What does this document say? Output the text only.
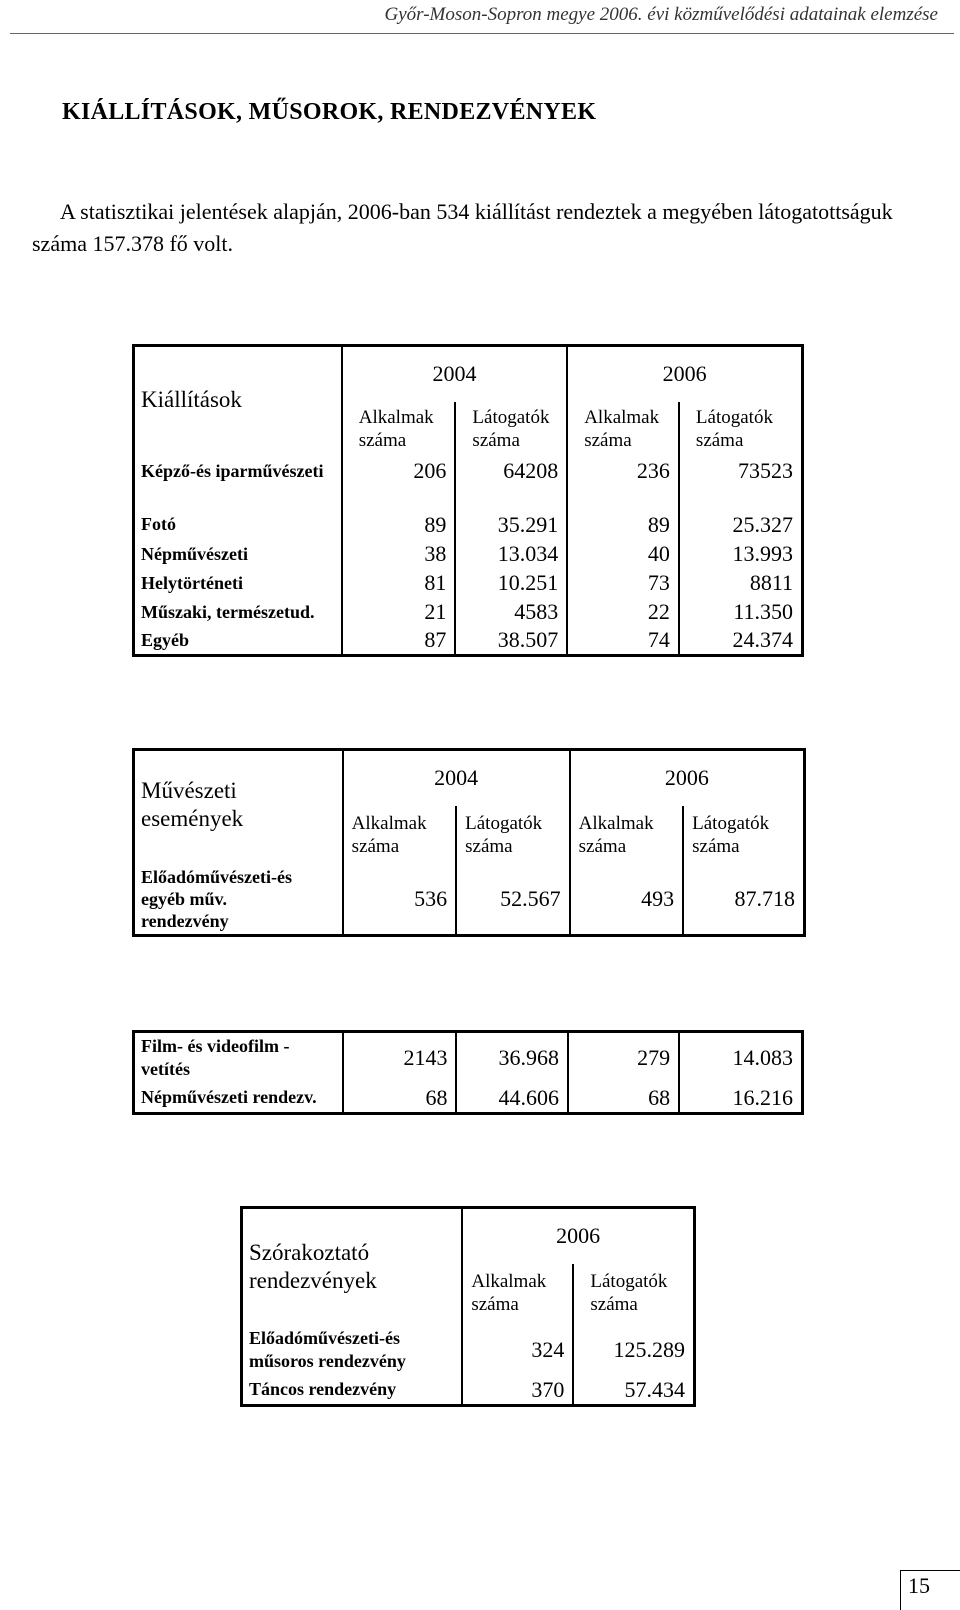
Győr-Moson-Sopron megye 2006. évi közművelődési adatainak elemzése
KIÁLLÍTÁSOK, MŰSOROK, RENDEZVÉNYEK
A statisztikai jelentések alapján, 2006-ban 534 kiállítást rendeztek a megyében látogatottságuk száma 157.378 fő volt.
Kiállítások	2004		2006	
	Alkalmak száma	Látogatók száma	Alkalmak száma	Látogatók száma
Képző-és iparművészeti	206	64208	236	73523
Fotó	89	35.291	89	25.327
Népművészeti	38	13.034	40	13.993
Helytörténeti	81	10.251	73	8811
Műszaki, természetud.	21	4583	22	11.350
Egyéb	87	38.507	74	24.374
Művészeti események	2004		2006	
	Alkalmak száma	Látogatók száma	Alkalmak száma	Látogatók száma
Előadóművészeti-és egyéb műv. rendezvény	536	52.567	493	87.718
Film- és videofilm - vetítés	2143	36.968	279	14.083
Népművészeti rendezv.	68	44.606	68	16.216
Szórakoztató rendezvények	2006	
	Alkalmak száma	Látogatók száma
Előadóművészeti-és műsoros rendezvény	324	125.289
Táncos rendezvény	370	57.434
15
